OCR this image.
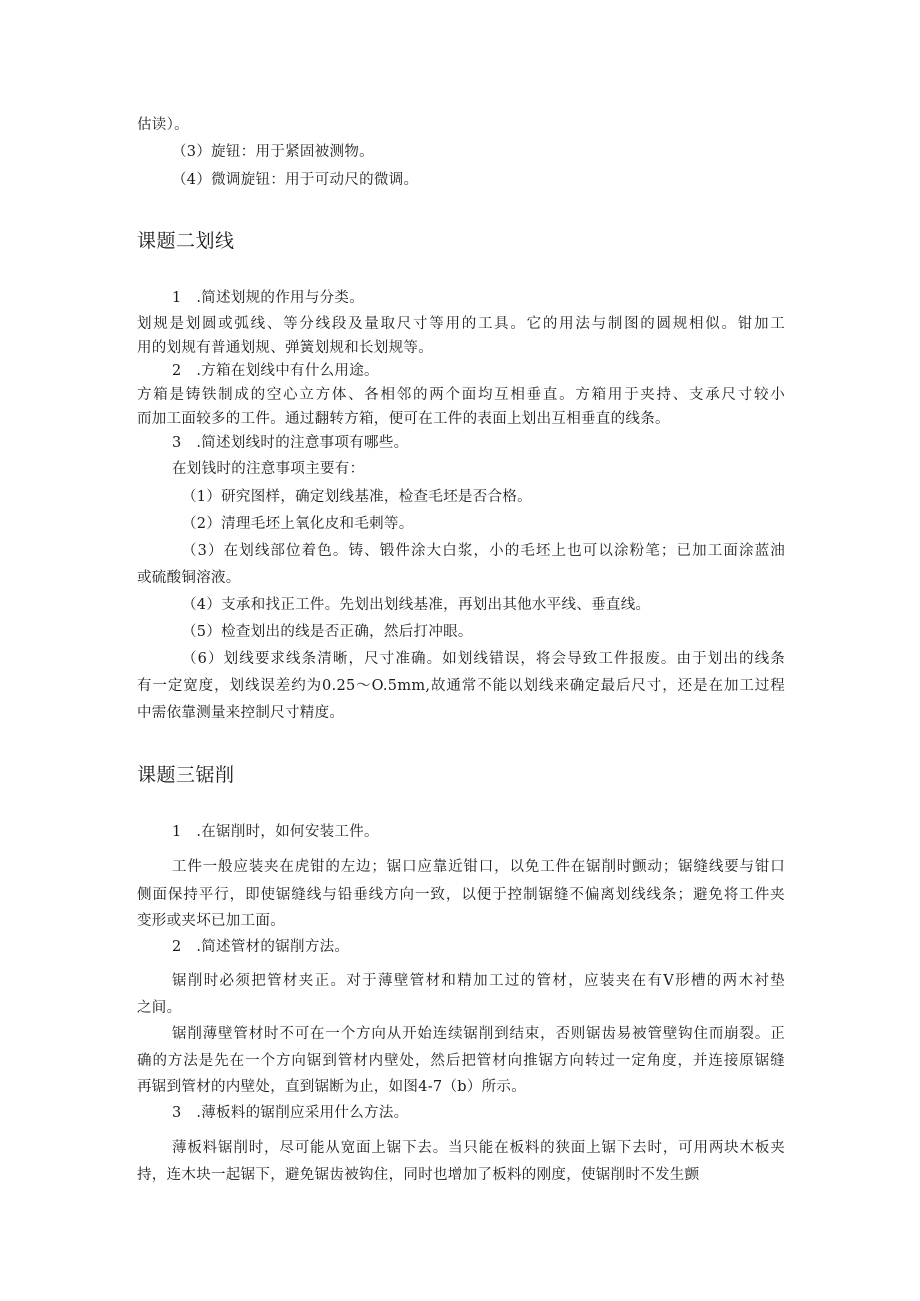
估读）。
（3）旋钮：用于紧固被测物。
（4）微调旋钮：用于可动尺的微调。
课题二划线
1　.简述划规的作用与分类。
划规是划圆或弧线、等分线段及量取尺寸等用的工具。它的用法与制图的圆规相似。钳加工
用的划规有普通划规、弹簧划规和长划规等。
2　.方箱在划线中有什么用途。
方箱是铸铁制成的空心立方体、各相邻的两个面均互相垂直。方箱用于夹持、支承尺寸较小
而加工面较多的工件。通过翻转方箱，便可在工件的表面上划出互相垂直的线条。
3　.简述划线时的注意事项有哪些。
在划钱时的注意事项主要有：
（1）研究图样，确定划线基准，检查毛坯是否合格。
（2）清理毛坯上氧化皮和毛刺等。
（3）在划线部位着色。铸、锻件涂大白浆，小的毛坯上也可以涂粉笔；已加工面涂蓝油
或硫酸铜溶液。
（4）支承和找正工件。先划出划线基准，再划出其他水平线、垂直线。
（5）检查划出的线是否正确，然后打冲眼。
（6）划线要求线条清晰，尺寸准确。如划线错误，将会导致工件报废。由于划出的线条
有一定宽度，划线误差约为0.25〜O.5mm,故通常不能以划线来确定最后尺寸，还是在加工过程
中需依靠测量来控制尺寸精度。
课题三锯削
1　.在锯削时，如何安装工件。
工件一般应装夹在虎钳的左边；锯口应靠近钳口，以免工件在锯削时颤动；锯缝线要与钳口
侧面保持平行，即使锯缝线与铅垂线方向一致，以便于控制锯缝不偏离划线线条；避免将工件夹
变形或夹坏已加工面。
2　.简述管材的锯削方法。
锯削时必须把管材夹正。对于薄壁管材和精加工过的管材，应装夹在有V形槽的两木衬垫
之间。
锯削薄壁管材时不可在一个方向从开始连续锯削到结束，否则锯齿易被管壁钩住而崩裂。正
确的方法是先在一个方向锯到管材内壁处，然后把管材向推锯方向转过一定角度，并连接原锯缝
再锯到管材的内壁处，直到锯断为止，如图4-7（b）所示。
3　.薄板料的锯削应采用什么方法。
薄板料锯削时，尽可能从宽面上锯下去。当只能在板料的狭面上锯下去时，可用两块木板夹
持，连木块一起锯下，避免锯齿被钩住，同时也增加了板料的刚度，使锯削时不发生颤
